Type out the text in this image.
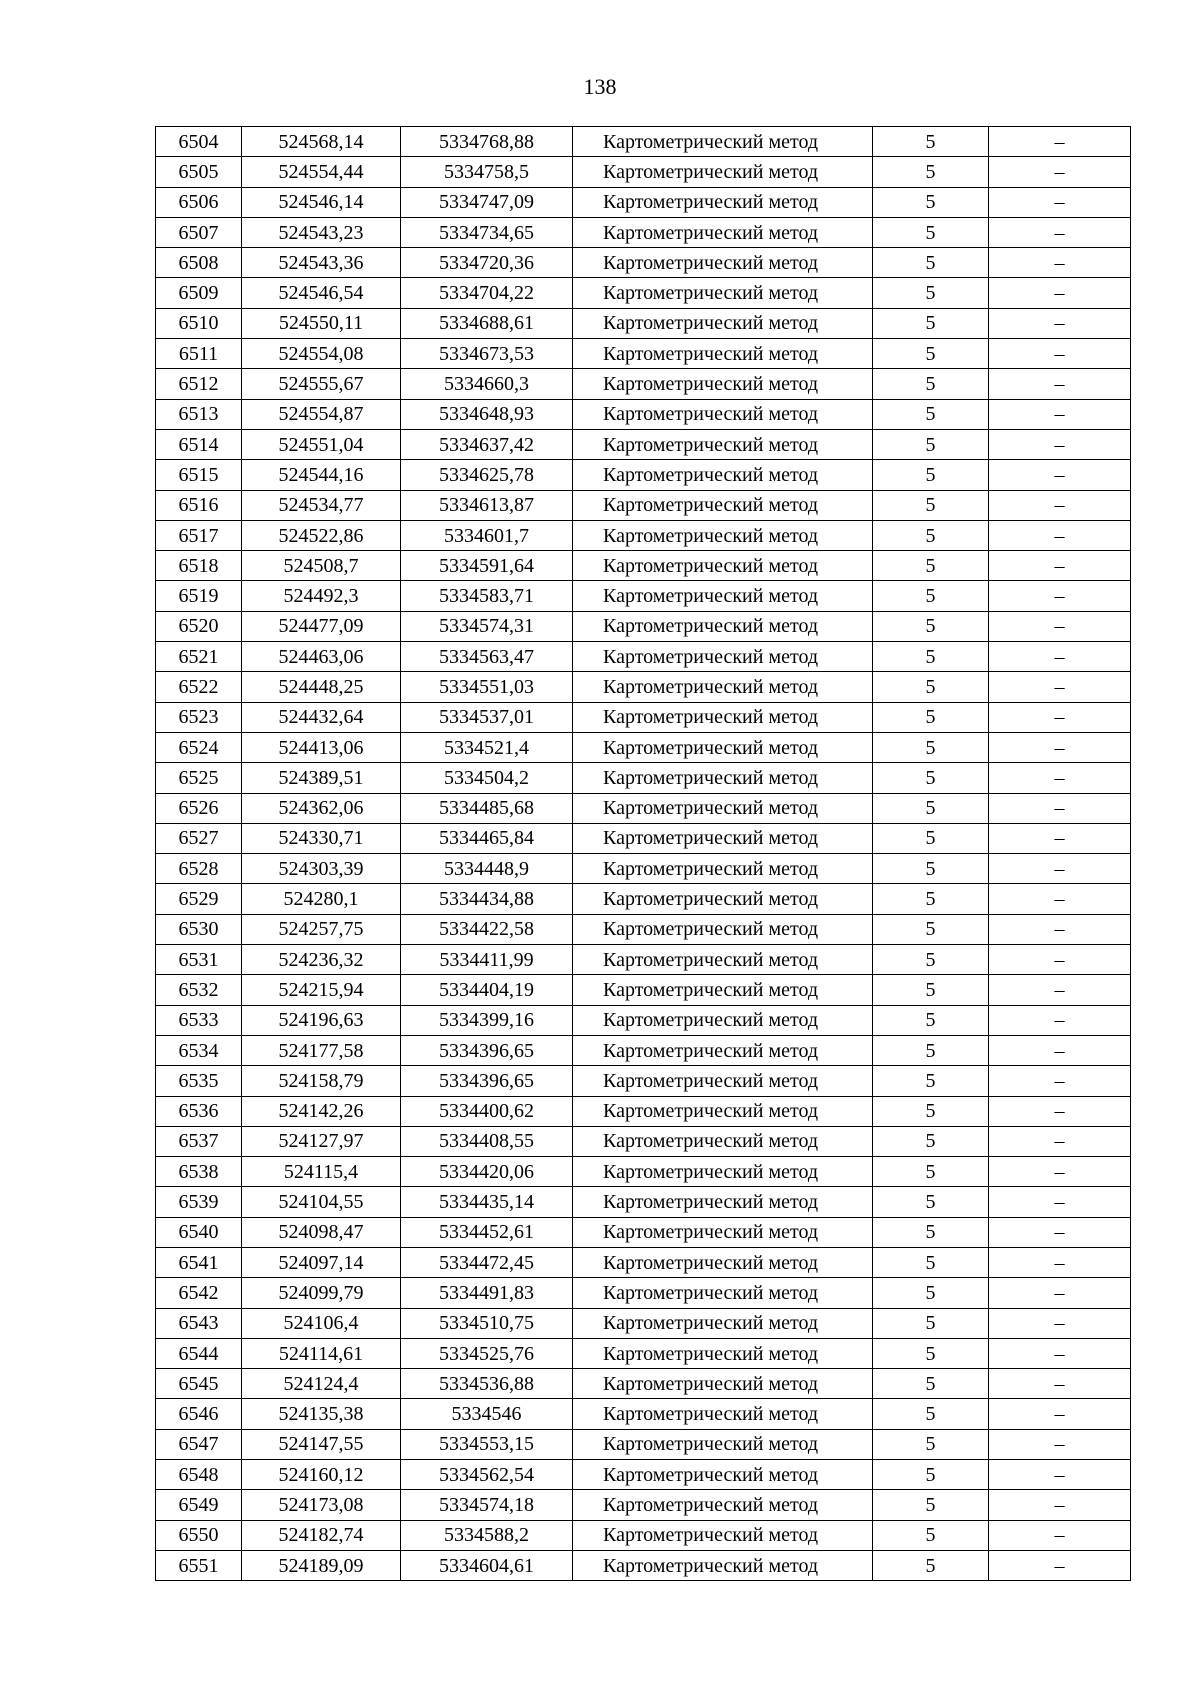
138
6504	524568,14	5334768,88	Картометрический метод	5	–
6505	524554,44	5334758,5	Картометрический метод	5	–
6506	524546,14	5334747,09	Картометрический метод	5	–
6507	524543,23	5334734,65	Картометрический метод	5	–
6508	524543,36	5334720,36	Картометрический метод	5	–
6509	524546,54	5334704,22	Картометрический метод	5	–
6510	524550,11	5334688,61	Картометрический метод	5	–
6511	524554,08	5334673,53	Картометрический метод	5	–
6512	524555,67	5334660,3	Картометрический метод	5	–
6513	524554,87	5334648,93	Картометрический метод	5	–
6514	524551,04	5334637,42	Картометрический метод	5	–
6515	524544,16	5334625,78	Картометрический метод	5	–
6516	524534,77	5334613,87	Картометрический метод	5	–
6517	524522,86	5334601,7	Картометрический метод	5	–
6518	524508,7	5334591,64	Картометрический метод	5	–
6519	524492,3	5334583,71	Картометрический метод	5	–
6520	524477,09	5334574,31	Картометрический метод	5	–
6521	524463,06	5334563,47	Картометрический метод	5	–
6522	524448,25	5334551,03	Картометрический метод	5	–
6523	524432,64	5334537,01	Картометрический метод	5	–
6524	524413,06	5334521,4	Картометрический метод	5	–
6525	524389,51	5334504,2	Картометрический метод	5	–
6526	524362,06	5334485,68	Картометрический метод	5	–
6527	524330,71	5334465,84	Картометрический метод	5	–
6528	524303,39	5334448,9	Картометрический метод	5	–
6529	524280,1	5334434,88	Картометрический метод	5	–
6530	524257,75	5334422,58	Картометрический метод	5	–
6531	524236,32	5334411,99	Картометрический метод	5	–
6532	524215,94	5334404,19	Картометрический метод	5	–
6533	524196,63	5334399,16	Картометрический метод	5	–
6534	524177,58	5334396,65	Картометрический метод	5	–
6535	524158,79	5334396,65	Картометрический метод	5	–
6536	524142,26	5334400,62	Картометрический метод	5	–
6537	524127,97	5334408,55	Картометрический метод	5	–
6538	524115,4	5334420,06	Картометрический метод	5	–
6539	524104,55	5334435,14	Картометрический метод	5	–
6540	524098,47	5334452,61	Картометрический метод	5	–
6541	524097,14	5334472,45	Картометрический метод	5	–
6542	524099,79	5334491,83	Картометрический метод	5	–
6543	524106,4	5334510,75	Картометрический метод	5	–
6544	524114,61	5334525,76	Картометрический метод	5	–
6545	524124,4	5334536,88	Картометрический метод	5	–
6546	524135,38	5334546	Картометрический метод	5	–
6547	524147,55	5334553,15	Картометрический метод	5	–
6548	524160,12	5334562,54	Картометрический метод	5	–
6549	524173,08	5334574,18	Картометрический метод	5	–
6550	524182,74	5334588,2	Картометрический метод	5	–
6551	524189,09	5334604,61	Картометрический метод	5	–
